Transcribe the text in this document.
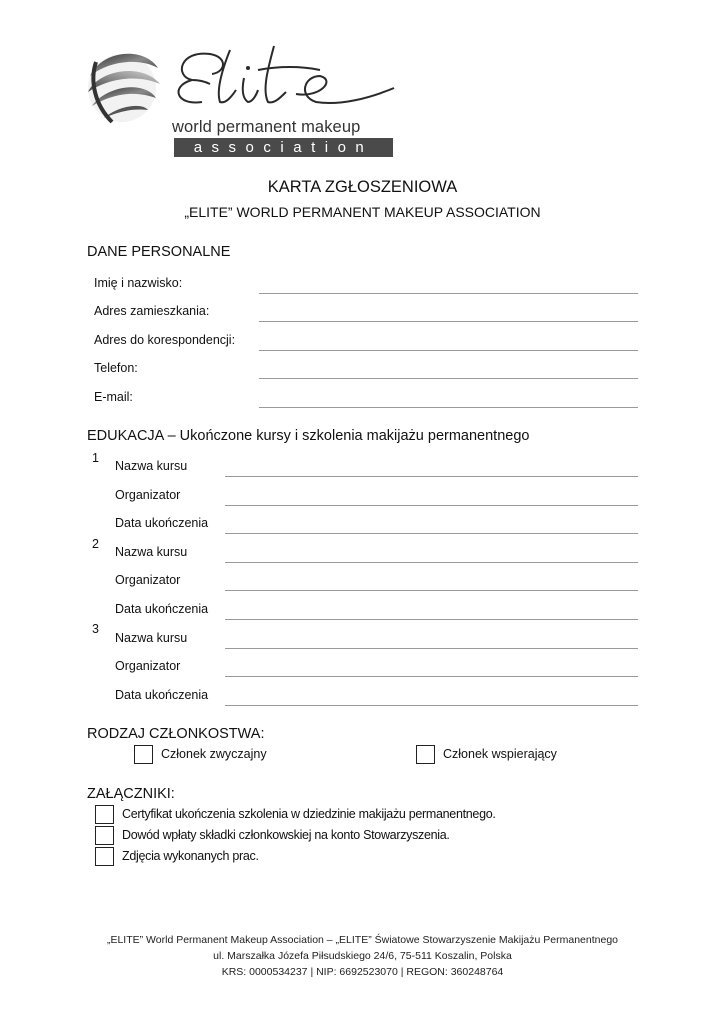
world permanent makeup
association
KARTA ZGŁOSZENIOWA
„ELITE” WORLD PERMANENT MAKEUP ASSOCIATION
DANE PERSONALNE
Imię i nazwisko:
Adres zamieszkania:
Adres do korespondencji:
Telefon:
E-mail:
EDUKACJA – Ukończone kursy i szkolenia makijażu permanentnego
1
Nazwa kursu
Organizator
Data ukończenia
2
Nazwa kursu
Organizator
Data ukończenia
3
Nazwa kursu
Organizator
Data ukończenia
RODZAJ CZŁONKOSTWA:
Członek zwyczajny	Członek wspierający
ZAŁĄCZNIKI:
Certyfikat ukończenia szkolenia w dziedzinie makijażu permanentnego.
Dowód wpłaty składki członkowskiej na konto Stowarzyszenia.
Zdjęcia wykonanych prac.
„ELITE” World Permanent Makeup Association – „ELITE” Światowe Stowarzyszenie Makijażu Permanentnego
ul. Marszałka Józefa Piłsudskiego 24/6, 75-511 Koszalin, Polska
KRS: 0000534237 | NIP: 6692523070 | REGON: 360248764
